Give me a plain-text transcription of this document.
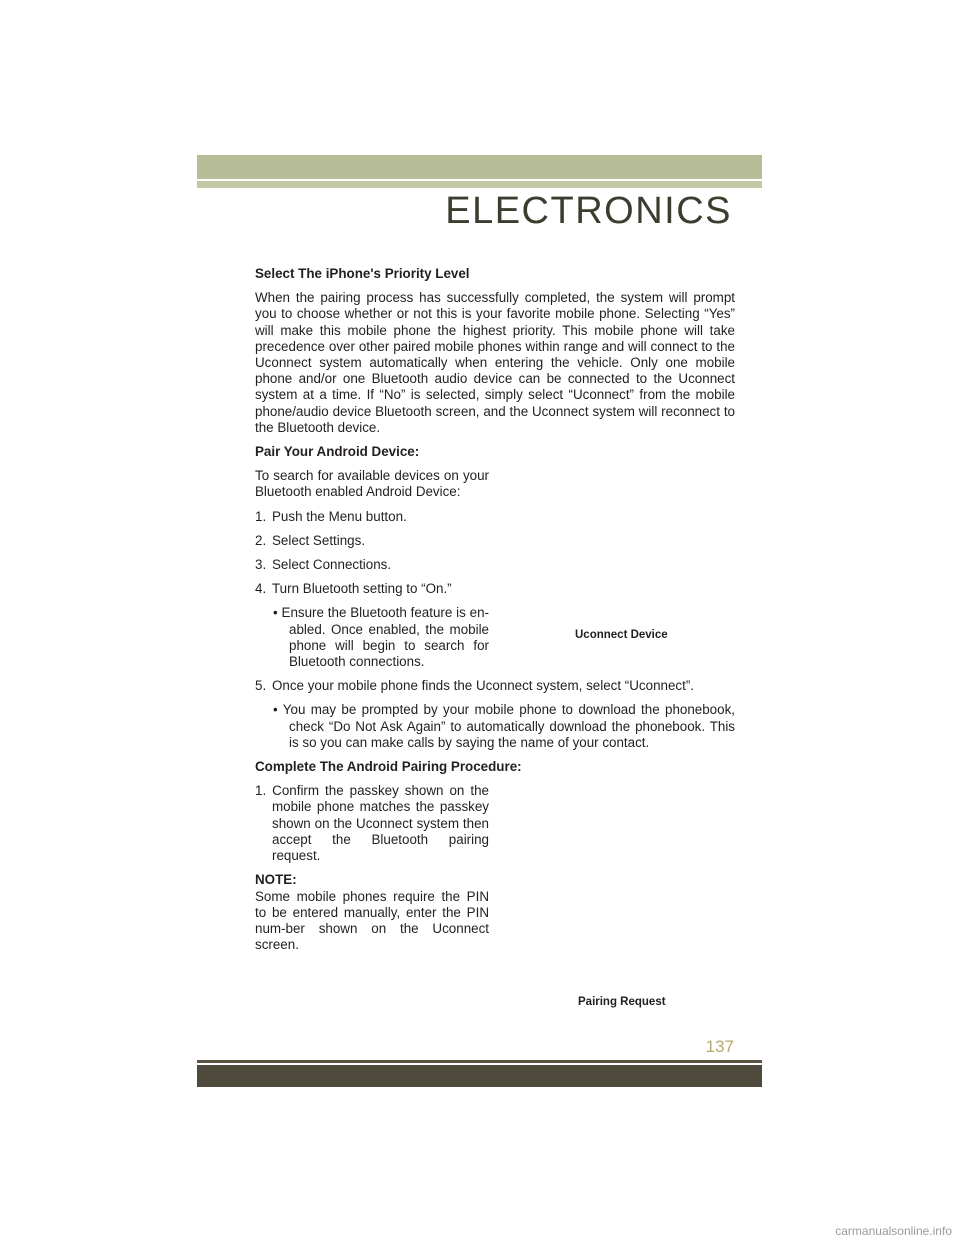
ELECTRONICS
Select The iPhone's Priority Level
When the pairing process has successfully completed, the system will prompt you to choose whether or not this is your favorite mobile phone. Selecting “Yes” will make this mobile phone the highest priority. This mobile phone will take precedence over other paired mobile phones within range and will connect to the Uconnect system automatically when entering the vehicle. Only one mobile phone and/or one Bluetooth audio device can be connected to the Uconnect system at a time. If “No” is selected, simply select “Uconnect” from the mobile phone/audio device Bluetooth screen, and the Uconnect system will reconnect to the Bluetooth device.
Pair Your Android Device:
To search for available devices on your Bluetooth enabled Android Device:
1. Push the Menu button.
2. Select Settings.
3. Select Connections.
4. Turn Bluetooth setting to “On.”
• Ensure the Bluetooth feature is en-abled. Once enabled, the mobile phone will begin to search for Bluetooth connections.
5. Once your mobile phone finds the Uconnect system, select “Uconnect”.
• You may be prompted by your mobile phone to download the phonebook, check “Do Not Ask Again” to automatically download the phonebook. This is so you can make calls by saying the name of your contact.
Complete The Android Pairing Procedure:
1. Confirm the passkey shown on the mobile phone matches the passkey shown on the Uconnect system then accept the Bluetooth pairing request.
NOTE:
Some mobile phones require the PIN to be entered manually, enter the PIN num-ber shown on the Uconnect screen.
Uconnect Device
Pairing Request
137
carmanualsonline.info
